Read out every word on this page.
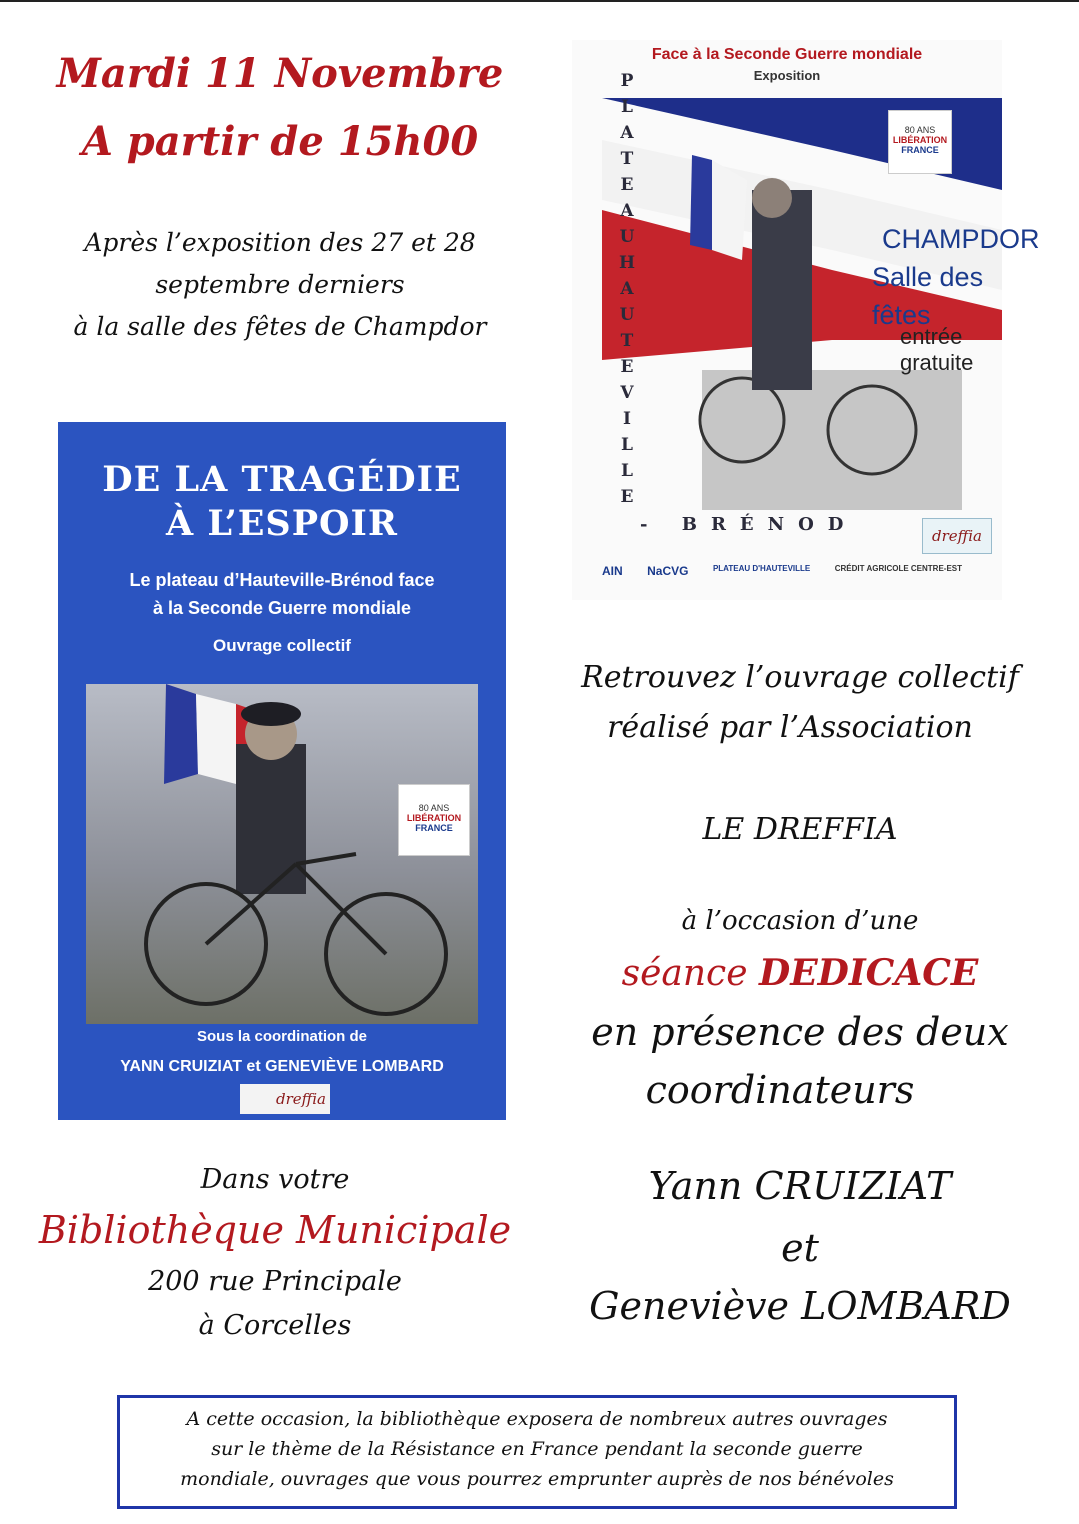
Mardi 11 Novembre
A partir de 15h00
Après l’exposition des 27 et 28
septembre derniers
à la salle des fêtes de Champdor
Face à la Seconde Guerre mondiale
Exposition
P
L
A
T
E
A
U
H
A
U
T
E
V
I
L
L
E
- BRÉNOD
80 ANS
LIBÉRATION
FRANCE
CHAMPDOR
Salle des fêtes
entrée gratuite
dreffia
AIN NaCVG	PLATEAU D'HAUTEVILLE	CRÉDIT AGRICOLE CENTRE-EST
DE LA TRAGÉDIE
À L’ESPOIR
Le plateau d’Hauteville-Brénod face
à la Seconde Guerre mondiale
Ouvrage collectif
80 ANS
LIBÉRATION
FRANCE
Sous la coordination de
YANN CRUIZIAT et GENEVIÈVE LOMBARD
dreffia
Retrouvez l’ouvrage collectif
réalisé par l’Association
LE DREFFIA
à l’occasion d’une
séance DEDICACE
en présence des deux
coordinateurs
Yann CRUIZIAT
et
Geneviève LOMBARD
Dans votre
Bibliothèque Municipale
200 rue Principale
à Corcelles
A cette occasion, la bibliothèque exposera de nombreux autres ouvrages
sur le thème de la Résistance en France pendant la seconde guerre
mondiale, ouvrages que vous pourrez emprunter auprès de nos bénévoles
